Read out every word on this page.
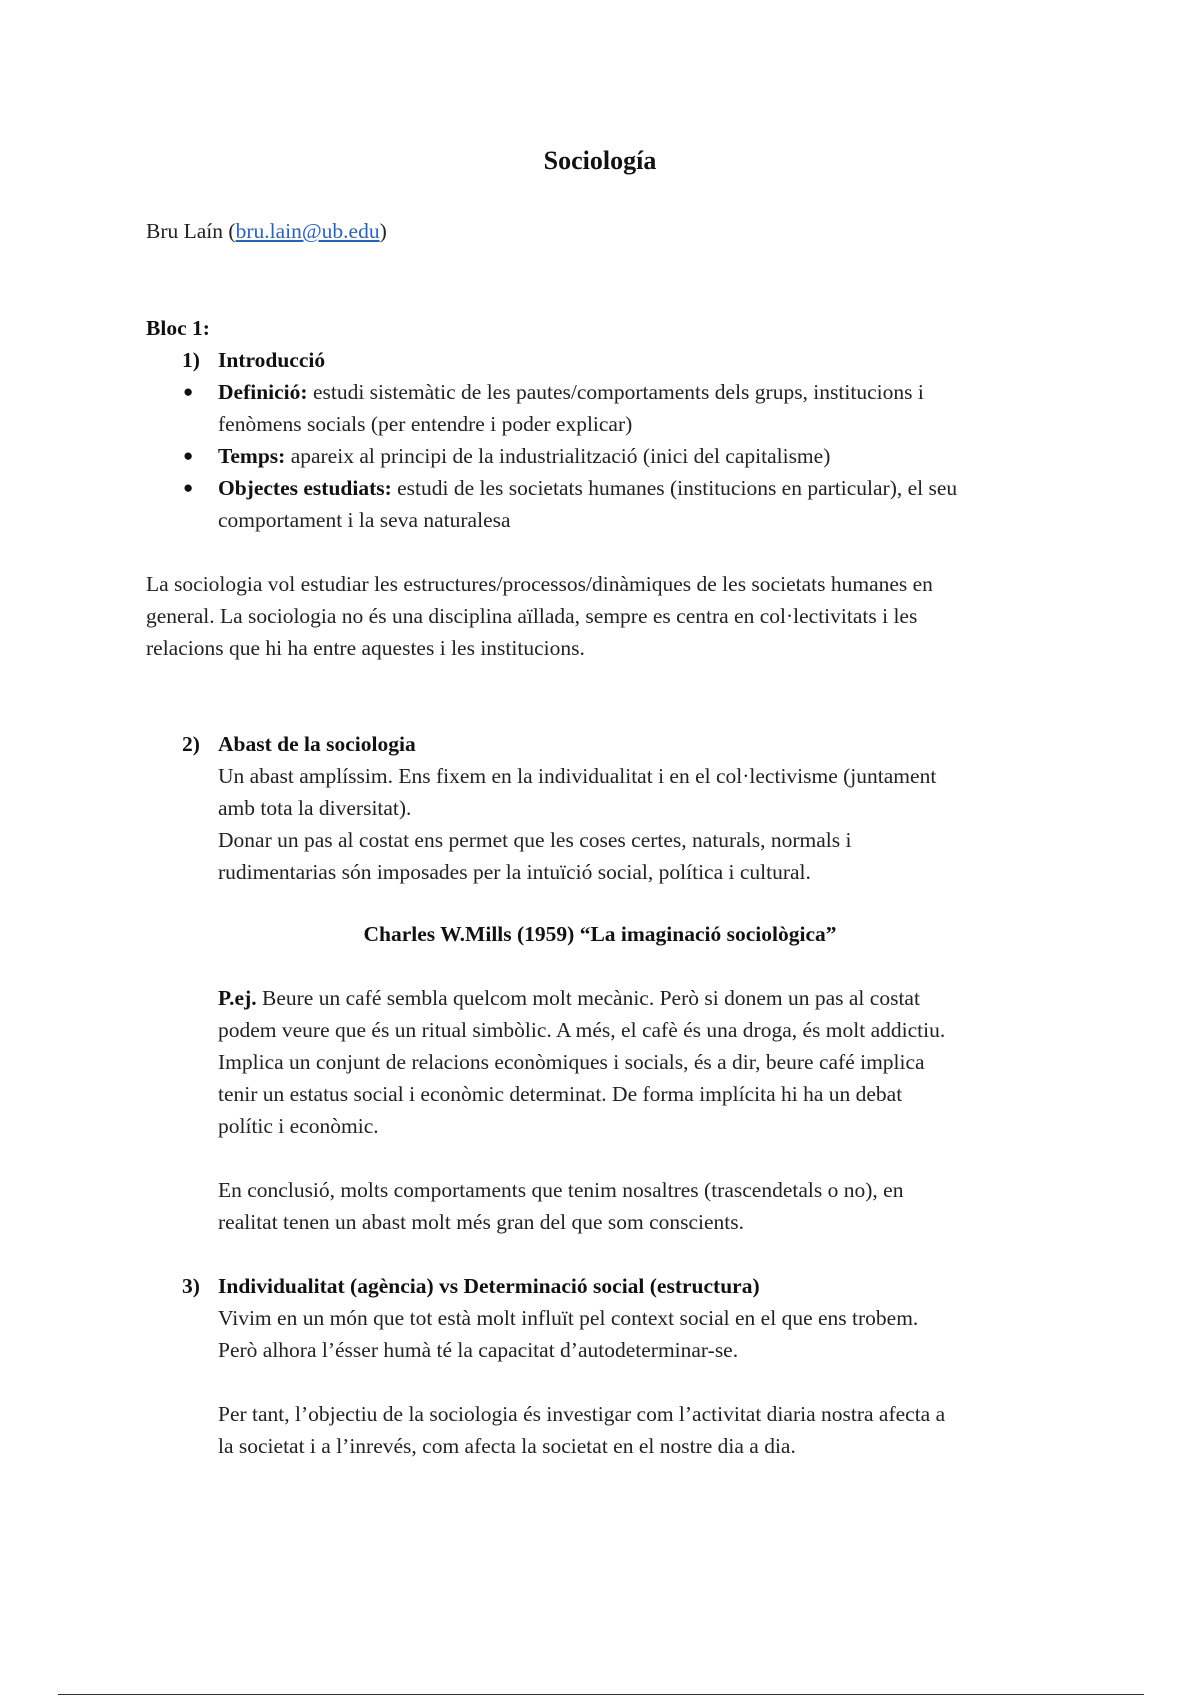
Sociología
Bru Laín (bru.lain@ub.edu)
Bloc 1:
1) Introducció
● Definició: estudi sistemàtic de les pautes/comportaments dels grups, institucions i
fenòmens socials (per entendre i poder explicar)
● Temps: apareix al principi de la industrialització (inici del capitalisme)
● Objectes estudiats: estudi de les societats humanes (institucions en particular), el seu
comportament i la seva naturalesa
La sociologia vol estudiar les estructures/processos/dinàmiques de les societats humanes en
general. La sociologia no és una disciplina aïllada, sempre es centra en col·lectivitats i les
relacions que hi ha entre aquestes i les institucions.
2) Abast de la sociologia
Un abast amplíssim. Ens fixem en la individualitat i en el col·lectivisme (juntament
amb tota la diversitat).
Donar un pas al costat ens permet que les coses certes, naturals, normals i
rudimentarias són imposades per la intuïció social, política i cultural.
Charles W.Mills (1959) “La imaginació sociològica”
P.ej. Beure un café sembla quelcom molt mecànic. Però si donem un pas al costat
podem veure que és un ritual simbòlic. A més, el cafè és una droga, és molt addictiu.
Implica un conjunt de relacions econòmiques i socials, és a dir, beure café implica
tenir un estatus social i econòmic determinat. De forma implícita hi ha un debat
polític i econòmic.
En conclusió, molts comportaments que tenim nosaltres (trascendetals o no), en
realitat tenen un abast molt més gran del que som conscients.
3) Individualitat (agència) vs Determinació social (estructura)
Vivim en un món que tot està molt influït pel context social en el que ens trobem.
Però alhora l’ésser humà té la capacitat d’autodeterminar-se.
Per tant, l’objectiu de la sociologia és investigar com l’activitat diaria nostra afecta a
la societat i a l’inrevés, com afecta la societat en el nostre dia a dia.
